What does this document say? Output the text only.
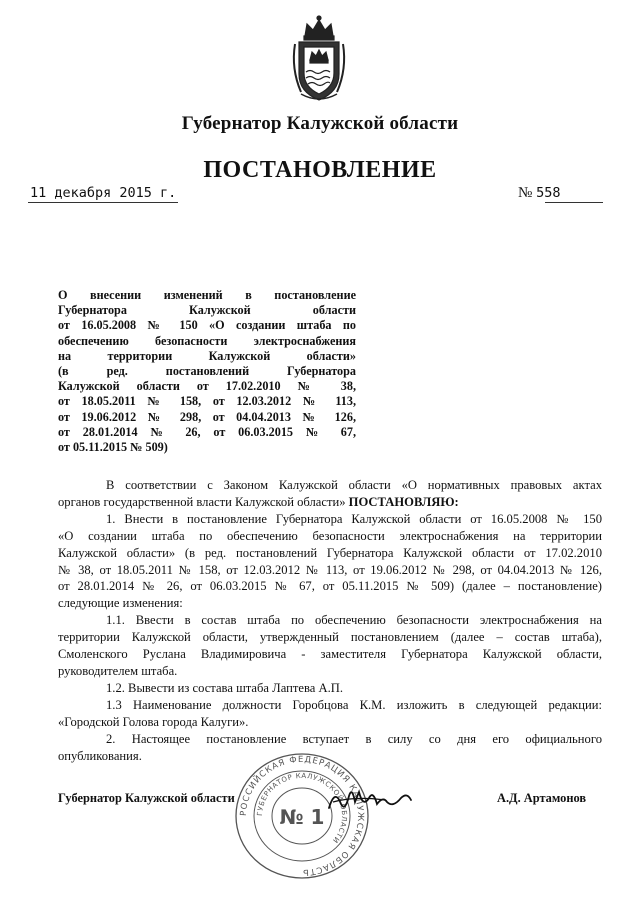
Губернатор Калужской области
ПОСТАНОВЛЕНИЕ
11 декабря 2015 г.	№ 558
О внесении изменений в постановление
Губернатора Калужской области
от 16.05.2008 № 150 «О создании штаба по
обеспечению безопасности электроснабжения
на территории Калужской области»
(в ред. постановлений Губернатора
Калужской области от 17.02.2010 № 38,
от 18.05.2011 № 158, от 12.03.2012 № 113,
от 19.06.2012 № 298, от 04.04.2013 № 126,
от 28.01.2014 № 26, от 06.03.2015 № 67,
от 05.11.2015 № 509)
В соответствии с Законом Калужской области «О нормативных правовых актах
органов государственной власти Калужской области» ПОСТАНОВЛЯЮ:
1. Внести в постановление Губернатора Калужской области от 16.05.2008 № 150
«О создании штаба по обеспечению безопасности электроснабжения на территории
Калужской области» (в ред. постановлений Губернатора Калужской области от 17.02.2010
№ 38, от 18.05.2011 № 158, от 12.03.2012 № 113, от 19.06.2012 № 298, от 04.04.2013 № 126,
от 28.01.2014 № 26, от 06.03.2015 № 67, от 05.11.2015 № 509) (далее – постановление)
следующие изменения:
1.1. Ввести в состав штаба по обеспечению безопасности электроснабжения на
территории Калужской области, утвержденный постановлением (далее – состав штаба),
Смоленского Руслана Владимировича - заместителя Губернатора Калужской области,
руководителем штаба.
1.2. Вывести из состава штаба Лаптева А.П.
1.3 Наименование должности Горобцова К.М. изложить в следующей редакции:
«Городской Голова города Калуги».
2. Настоящее постановление вступает в силу со дня его официального
опубликования.
РОССИЙСКАЯ ФЕДЕРАЦИЯ КАЛУЖСКАЯ ОБЛАСТЬ
ГУБЕРНАТОР КАЛУЖСКОЙ ОБЛАСТИ
№ 1
Губернатор Калужской области	А.Д. Артамонов
